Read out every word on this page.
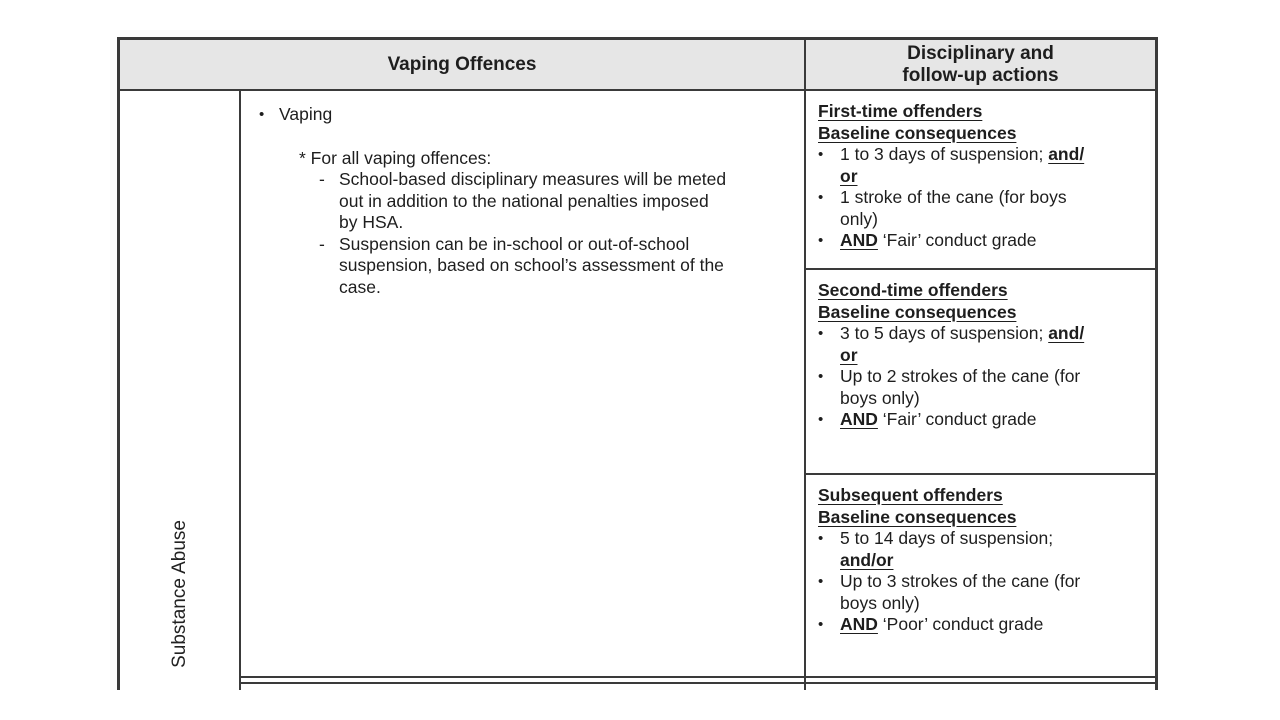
Vaping Offences
Disciplinary and
follow-up actions
Substance Abuse
• Vaping
* For all vaping offences:
- School-based disciplinary measures will be meted
out in addition to the national penalties imposed
by HSA.
- Suspension can be in-school or out-of-school
suspension, based on school’s assessment of the
case.
First-time offenders
Baseline consequences
• 1 to 3 days of suspension; and/
or
• 1 stroke of the cane (for boys
only)
• AND ‘Fair’ conduct grade
Second-time offenders
Baseline consequences
• 3 to 5 days of suspension; and/
or
• Up to 2 strokes of the cane (for
boys only)
• AND ‘Fair’ conduct grade
Subsequent offenders
Baseline consequences
• 5 to 14 days of suspension;
and/or
• Up to 3 strokes of the cane (for
boys only)
• AND ‘Poor’ conduct grade
